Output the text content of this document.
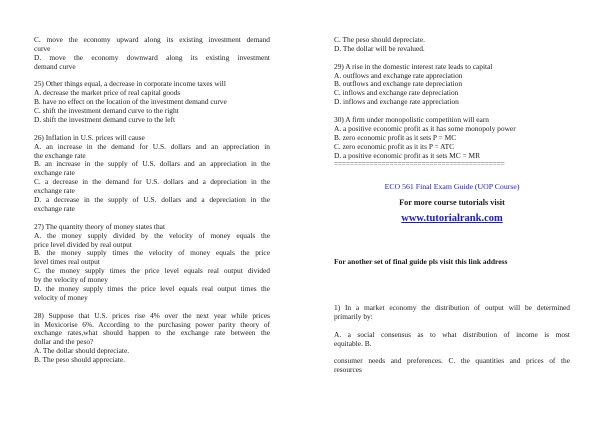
C. move the economy upward along its existing investment demand
curve
D. move the economy downward along its existing investment
demand curve
25) Other things equal, a decrease in corporate income taxes will
A. decrease the market price of real capital goods
B. have no effect on the location of the investment demand curve
C. shift the investment demand curve to the right
D. shift the investment demand curve to the left
26) Inflation in U.S. prices will cause
A. an increase in the demand for U.S. dollars and an appreciation in
the exchange rate
B. an increase in the supply of U.S. dollars and an appreciation in the
exchange rate
C. a decrease in the demand for U.S. dollars and a depreciation in the
exchange rate
D. a decrease in the supply of U.S. dollars and a depreciation in the
exchange rate
27) The quantity theory of money states that
A. the money supply divided by the velocity of money equals the
price level divided by real output
B. the money supply times the velocity of money equals the price
level times real output
C. the money supply times the price level equals real output divided
by the velocity of money
D. the money supply times the price level equals real output times the
velocity of money
28) Suppose that U.S. prices rise 4% over the next year while prices
in Mexicorise 6%. According to the purchasing power parity theory of
exchange rates,what should happen to the exchange rate between the
dollar and the peso?
A. The dollar should depreciate.
B. The peso should appreciate.
C. The peso should depreciate.
D. The dollar will be revalued.
29) A rise in the domestic interest rate leads to capital
A. outflows and exchange rate appreciation
B. outflows and exchange rate depreciation
C. inflows and exchange rate depreciation
D. inflows and exchange rate appreciation
30) A firm under monopolistic competition will earn
A. a positive economic profit as it has some monopoly power
B. zero economic profit as it sets P = MC
C. zero economic profit as it its P = ATC
D. a positive economic profit as it sets MC = MR
===========================================
ECO 561 Final Exam Guide (UOP Course)
For more course tutorials visit
www.tutorialrank.com
For another set of final guide pls visit this link address
1) In a market economy the distribution of output will be determined
primarily by:
A. a social consensus as to what distribution of income is most
equitable. B.
consumer needs and preferences. C. the quantities and prices of the
resources
